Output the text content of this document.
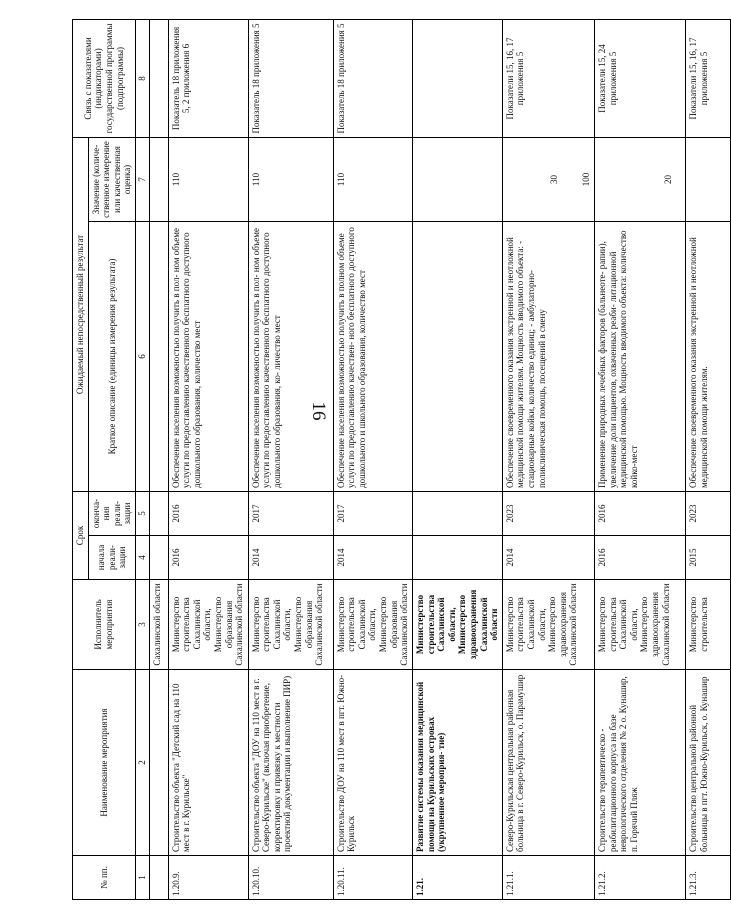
16
№ пп.	Наименование мероприятия	Исполнитель мероприятия	Срок		Ожидаемый непосредственный результат		Связь с показателями (индикаторами) государственной программы (подпрограммы)
			начала реали- зации	оконча- ния реали- зации	Краткое описание (единицы измерения результата)	Значение (количе- ственное измерение или качественная оценка)	
1	2	3	4	5	6	7	8
		Сахалинской области					
1.20.9.	Строительство объекта "Детский сад на 110 мест в г. Курильске"	Министерство строительства Сахалинской области, Министерство образования Сахалинской области	2016	2016	Обеспечение населения возможностью получить в пол- ном объеме услуги по предоставлению качественного бесплатного доступного дошкольного образования, количество мест	110	Показатель 18 приложения 5, 2 приложения 6
1.20.10.	Строительство объекта "ДОУ на 110 мест в г. Северо-Курильске" (включая приобретение, корректировку и привязку к местности проектной документации и выполнение ПИР)	Министерство строительства Сахалинской области, Министерство образования Сахалинской области	2014	2017	Обеспечение населения возможностью получить в пол- ном объеме услуги по предоставлению качественного бесплатного доступного дошкольного образования, ко- личество мест	110	Показатель 18 приложения 5
1.20.11.	Строительство ДОУ на 110 мест в пгт. Южно-Курильск	Министерство строительства Сахалинской области, Министерство образования Сахалинской области	2014	2017	Обеспечение населения возможностью получить в полном объеме услуги по предоставлению качествен- ного бесплатного доступного дошкольного и школьного образования, количество мест	110	Показатель 18 приложения 5
1.21.	Развитие системы оказания медицинской помощи на Курильских островах (укрупненное мероприя- тие)	Министерство строительства Сахалинской области, Министерство здравоохранения Сахалинской области					
1.21.1.	Северо-Курильская центральная районная больница в г. Северо-Курильск, о. Парамушир	Министерство строительства Сахалинской области, Министерство здравоохранения Сахалинской области	2014	2023	Обеспечение своевременного оказания экстренной и неотложной медицинской помощи жителям. Мощность вводимого объекта: - стационарные койки, количество единиц; - амбулаторно-поликлиническая помощь, посещений в смену	30 100	Показатели 15, 16, 17 приложения 5
1.21.2.	Строительство терапевтическо - реабилитационного корпуса на базе неврологического отделения № 2 о. Кунашир, п. Горячий Пляж	Министерство строительства Сахалинской области, Министерство здравоохранения Сахалинской области	2016	2016	Применение природных лечебных факторов (бальнеоте- рапии), увеличение доли пациентов, охваченных реаби- литационной медицинской помощью. Мощность вводимого объекта: количество койко-мест	20	Показатели 15, 24 приложения 5
1.21.3.	Строительство центральной районной больницы в пгт. Южно-Курильск, о. Кунашир	Министерство строительства	2015	2023	Обеспечение своевременного оказания экстренной и неотложной медицинской помощи жителям.		Показатели 15, 16, 17 приложения 5
